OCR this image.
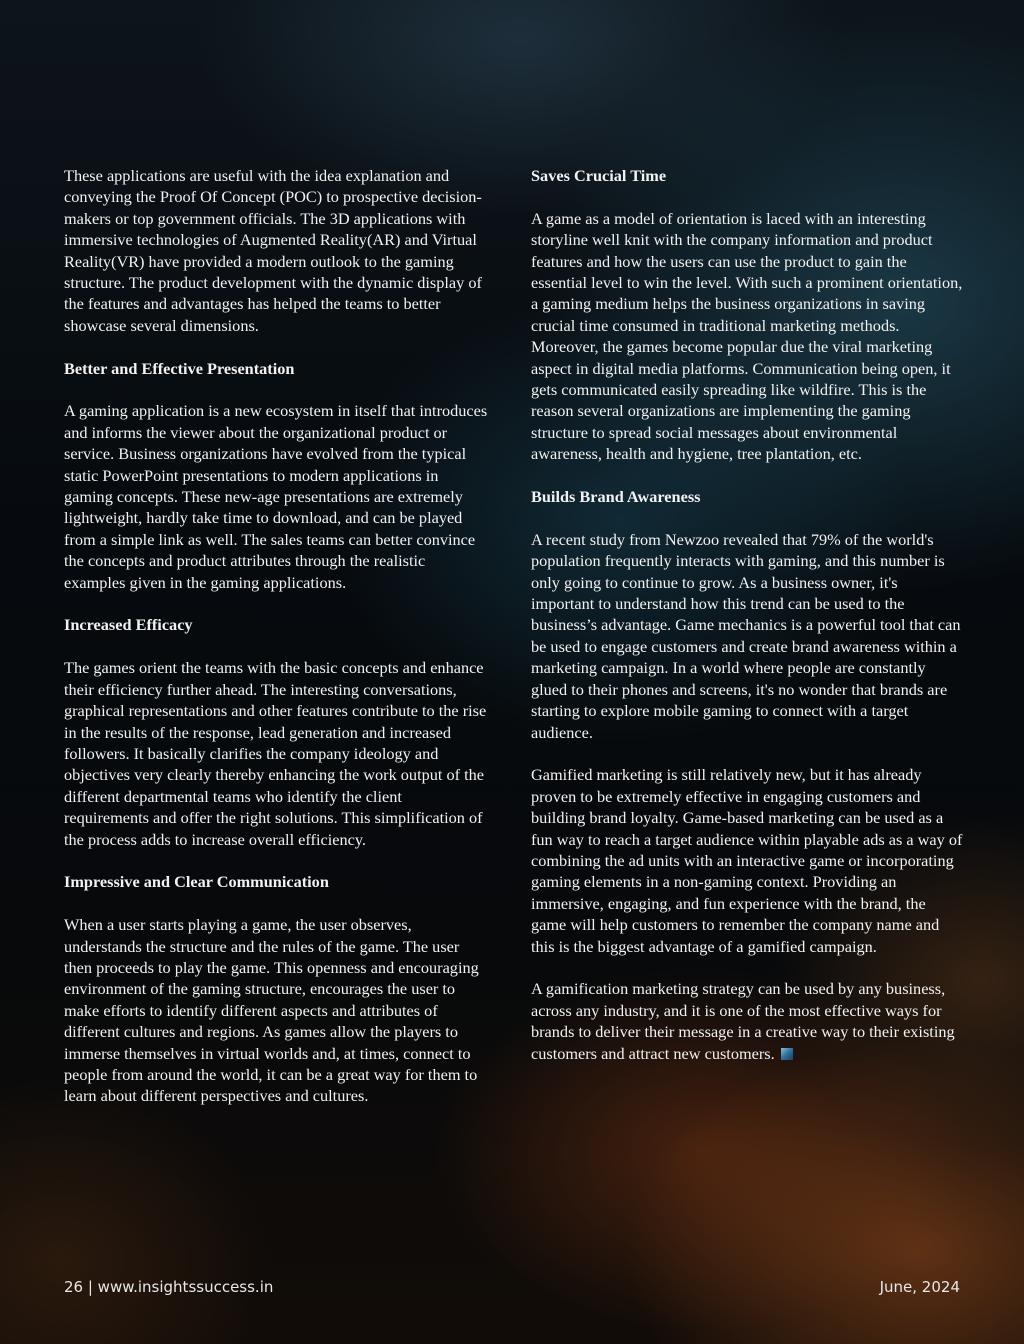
These applications are useful with the idea explanation and conveying the Proof Of Concept (POC) to prospective decision-makers or top government officials. The 3D applications with immersive technologies of Augmented Reality(AR) and Virtual Reality(VR) have provided a modern outlook to the gaming structure. The product development with the dynamic display of the features and advantages has helped the teams to better showcase several dimensions.

Better and Effective Presentation

A gaming application is a new ecosystem in itself that introduces and informs the viewer about the organizational product or service. Business organizations have evolved from the typical static PowerPoint presentations to modern applications in gaming concepts. These new-age presentations are extremely lightweight, hardly take time to download, and can be played from a simple link as well. The sales teams can better convince the concepts and product attributes through the realistic examples given in the gaming applications.

Increased Efficacy

The games orient the teams with the basic concepts and enhance their efficiency further ahead. The interesting conversations, graphical representations and other features contribute to the rise in the results of the response, lead generation and increased followers. It basically clarifies the company ideology and objectives very clearly thereby enhancing the work output of the different departmental teams who identify the client requirements and offer the right solutions. This simplification of the process adds to increase overall efficiency.

Impressive and Clear Communication

When a user starts playing a game, the user observes, understands the structure and the rules of the game. The user then proceeds to play the game. This openness and encouraging environment of the gaming structure, encourages the user to make efforts to identify different aspects and attributes of different cultures and regions. As games allow the players to immerse themselves in virtual worlds and, at times, connect to people from around the world, it can be a great way for them to learn about different perspectives and cultures.

Saves Crucial Time

A game as a model of orientation is laced with an interesting storyline well knit with the company information and product features and how the users can use the product to gain the essential level to win the level. With such a prominent orientation, a gaming medium helps the business organizations in saving crucial time consumed in traditional marketing methods. Moreover, the games become popular due the viral marketing aspect in digital media platforms. Communication being open, it gets communicated easily spreading like wildfire. This is the reason several organizations are implementing the gaming structure to spread social messages about environmental awareness, health and hygiene, tree plantation, etc.

Builds Brand Awareness

A recent study from Newzoo revealed that 79% of the world's population frequently interacts with gaming, and this number is only going to continue to grow. As a business owner, it's important to understand how this trend can be used to the business’s advantage. Game mechanics is a powerful tool that can be used to engage customers and create brand awareness within a marketing campaign. In a world where people are constantly glued to their phones and screens, it's no wonder that brands are starting to explore mobile gaming to connect with a target audience.

Gamified marketing is still relatively new, but it has already proven to be extremely effective in engaging customers and building brand loyalty. Game-based marketing can be used as a fun way to reach a target audience within playable ads as a way of combining the ad units with an interactive game or incorporating gaming elements in a non-gaming context. Providing an immersive, engaging, and fun experience with the brand, the game will help customers to remember the company name and this is the biggest advantage of a gamified campaign.

A gamification marketing strategy can be used by any business, across any industry, and it is one of the most effective ways for brands to deliver their message in a creative way to their existing customers and attract new customers.

26 | www.insightssuccess.in	June, 2024
